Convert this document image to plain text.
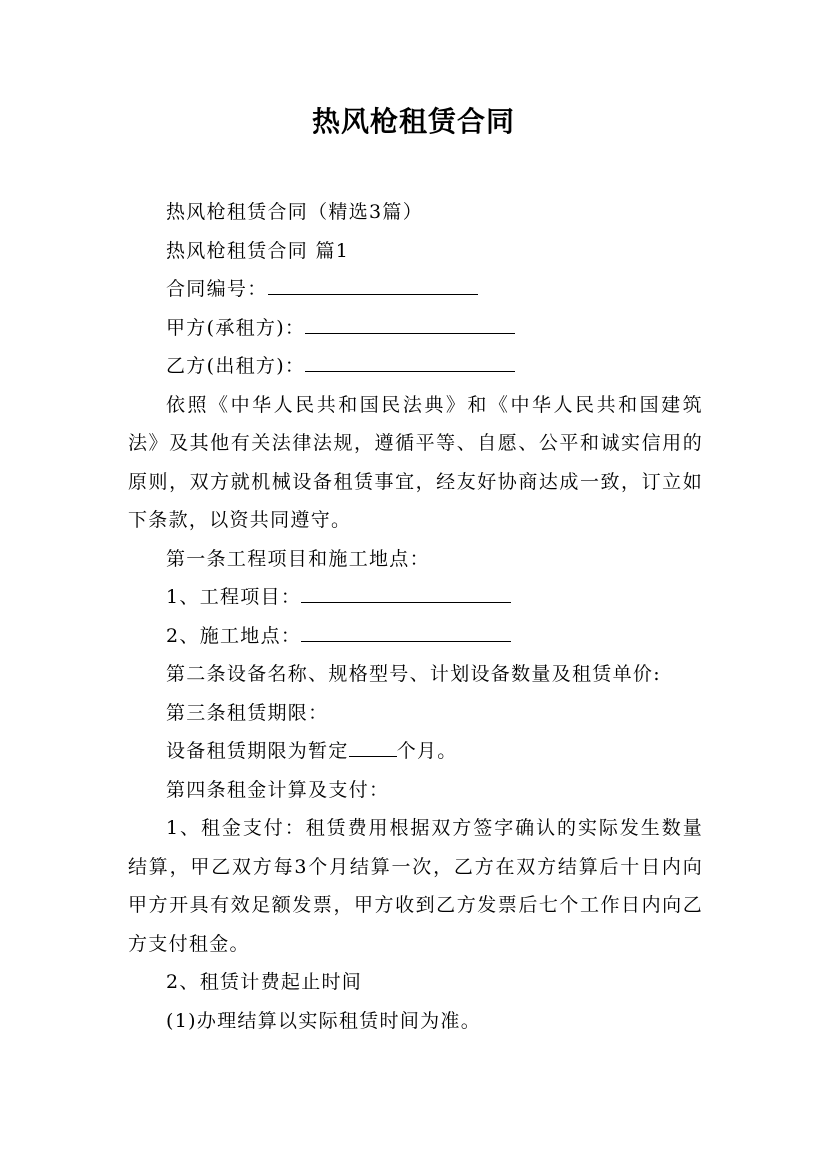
热风枪租赁合同

热风枪租赁合同（精选3篇）

热风枪租赁合同 篇1

合同编号：

甲方(承租方)：

乙方(出租方)：

依照《中华人民共和国民法典》和《中华人民共和国建筑法》及其他有关法律法规，遵循平等、自愿、公平和诚实信用的原则，双方就机械设备租赁事宜，经友好协商达成一致，订立如下条款，以资共同遵守。

第一条工程项目和施工地点：

1、工程项目：

2、施工地点：

第二条设备名称、规格型号、计划设备数量及租赁单价:

第三条租赁期限：

设备租赁期限为暂定	个月。

第四条租金计算及支付：

1、租金支付：租赁费用根据双方签字确认的实际发生数量结算，甲乙双方每3个月结算一次，乙方在双方结算后十日内向甲方开具有效足额发票，甲方收到乙方发票后七个工作日内向乙方支付租金。

2、租赁计费起止时间

(1)办理结算以实际租赁时间为准。
